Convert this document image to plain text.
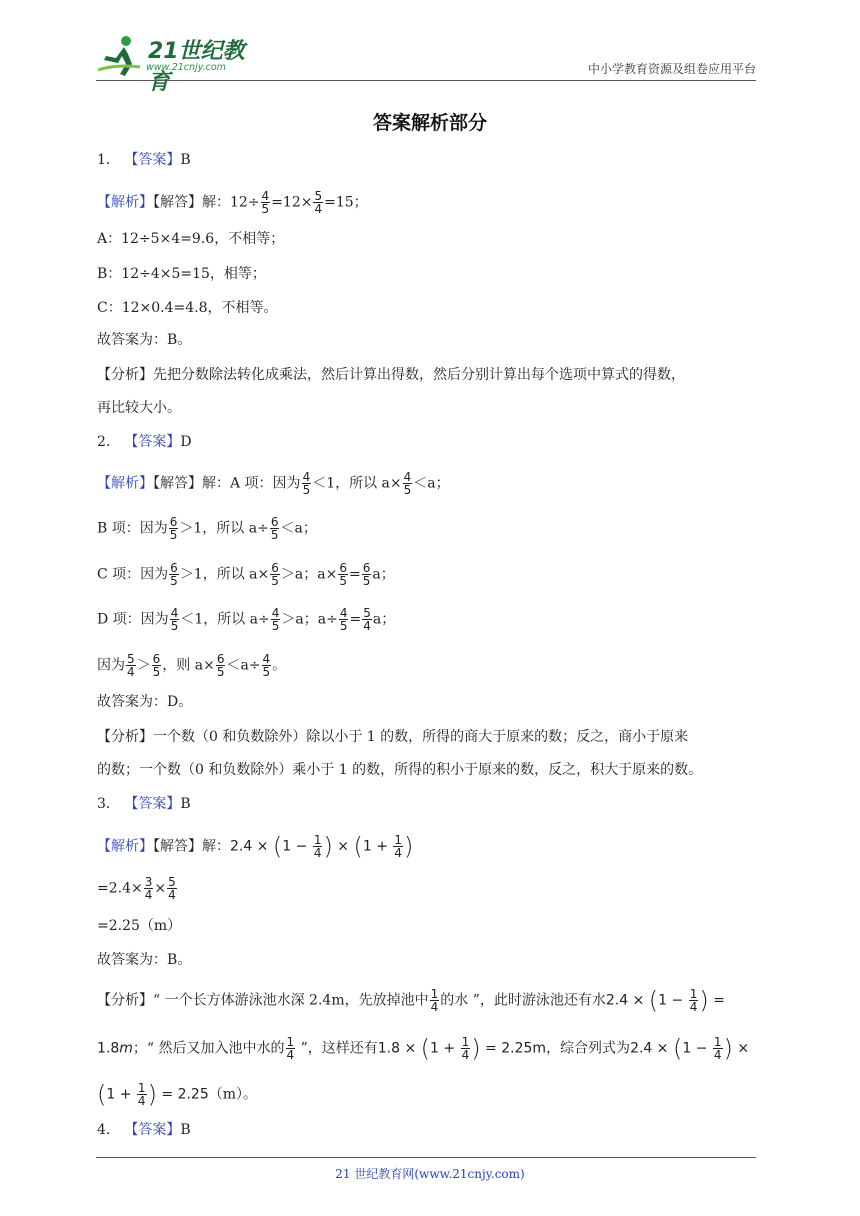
21世纪教育
www.21cnjy.com	中小学教育资源及组卷应用平台
答案解析部分
1． 【答案】B
【解析】【解答】解：$12\div \frac{4}{5} =12\times \frac{5}{4} =15$；
A：12÷5×4=9.6，不相等；
B：12÷4×5=15，相等；
C：12×0.4=4.8，不相等。
故答案为：B。
【分析】先把分数除法转化成乘法，然后计算出得数，然后分别计算出每个选项中算式的得数，
再比较大小。
2． 【答案】D
【解析】【解答】解：A 项：因为 $\frac{4}{5} <1$，所以 $a\times \frac{4}{5} <a$；
B 项：因为 $\frac{6}{5} >1$，所以 $a\div \frac{6}{5} <a$；
C 项：因为 $\frac{6}{5} >1$，所以 $a\times \frac{6}{5} >a$；$a\times \frac{6}{5} = \frac{6}{5}$ a；
D 项：因为 $\frac{4}{5} <1$，所以 $a\div \frac{4}{5} >a$；$a\div \frac{4}{5} = \frac{5}{4}$ a；
因为 $\frac{5}{4} > \frac{6}{5}$ ，则 $a\times \frac{6}{5} <a\div \frac{4}{5}$ 。
故答案为：D。
【分析】一个数（0 和负数除外）除以小于 1 的数，所得的商大于原来的数；反之，商小于原来
的数；一个数（0 和负数除外）乘小于 1 的数，所得的积小于原来的数，反之，积大于原来的数。
3． 【答案】B
【解析】【解答】解：$2.4 \times (1 - \frac{1}{4}$ ) × ($1 + \frac{1}{4}$ )
$=2.4\times \frac{3}{4} \times \frac{5}{4}$
=2.25（m）
故答案为：B。
【分析】“ 一个长方体游泳池水深 2.4m，先放掉池中 $\frac{1}{4}$ 的水 ”，此时游泳池还有水$2.4 \times (1 - \frac{1}{4}$ ) =
1.8m；“ 然后又加入池中水的 $\frac{1}{4}$ ”，这样还有$1.8 \times (1 + \frac{1}{4}$ ) = 2.25m，综合列式为$2.4 \times (1 - \frac{1}{4}$ ) ×
($1 + \frac{1}{4}$ ) = 2.25（m）。
4． 【答案】B
21 世纪教育网(www.21cnjy.com)
